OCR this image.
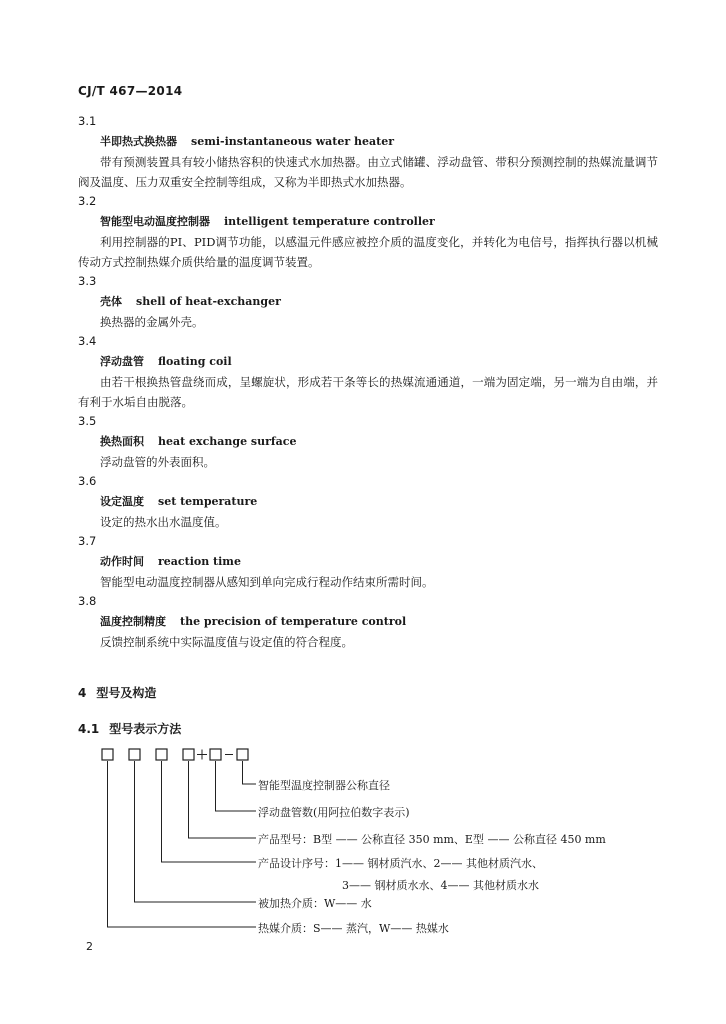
CJ/T 467—2014
3.1
半即热式换热器 semi-instantaneous water heater
带有预测装置具有较小储热容积的快速式水加热器。由立式储罐、浮动盘管、带积分预测控制的热媒流量调节阀及温度、压力双重安全控制等组成，又称为半即热式水加热器。
3.2
智能型电动温度控制器 intelligent temperature controller
利用控制器的PI、PID调节功能，以感温元件感应被控介质的温度变化，并转化为电信号，指挥执行器以机械传动方式控制热媒介质供给量的温度调节装置。
3.3
壳体 shell of heat-exchanger
换热器的金属外壳。
3.4
浮动盘管 floating coil
由若干根换热管盘绕而成，呈螺旋状，形成若干条等长的热媒流通通道，一端为固定端，另一端为自由端，并有利于水垢自由脱落。
3.5
换热面积 heat exchange surface
浮动盘管的外表面积。
3.6
设定温度 set temperature
设定的热水出水温度值。
3.7
动作时间 reaction time
智能型电动温度控制器从感知到单向完成行程动作结束所需时间。
3.8
温度控制精度 the precision of temperature control
反馈控制系统中实际温度值与设定值的符合程度。
4 型号及构造
4.1 型号表示方法
智能型温度控制器公称直径
浮动盘管数(用阿拉伯数字表示)
产品型号：B型 —— 公称直径 350 mm、E型 —— 公称直径 450 mm
产品设计序号：1—— 钢材质汽水、2—— 其他材质汽水、
3—— 钢材质水水、4—— 其他材质水水
被加热介质：W—— 水
热媒介质：S—— 蒸汽，W—— 热媒水
2
